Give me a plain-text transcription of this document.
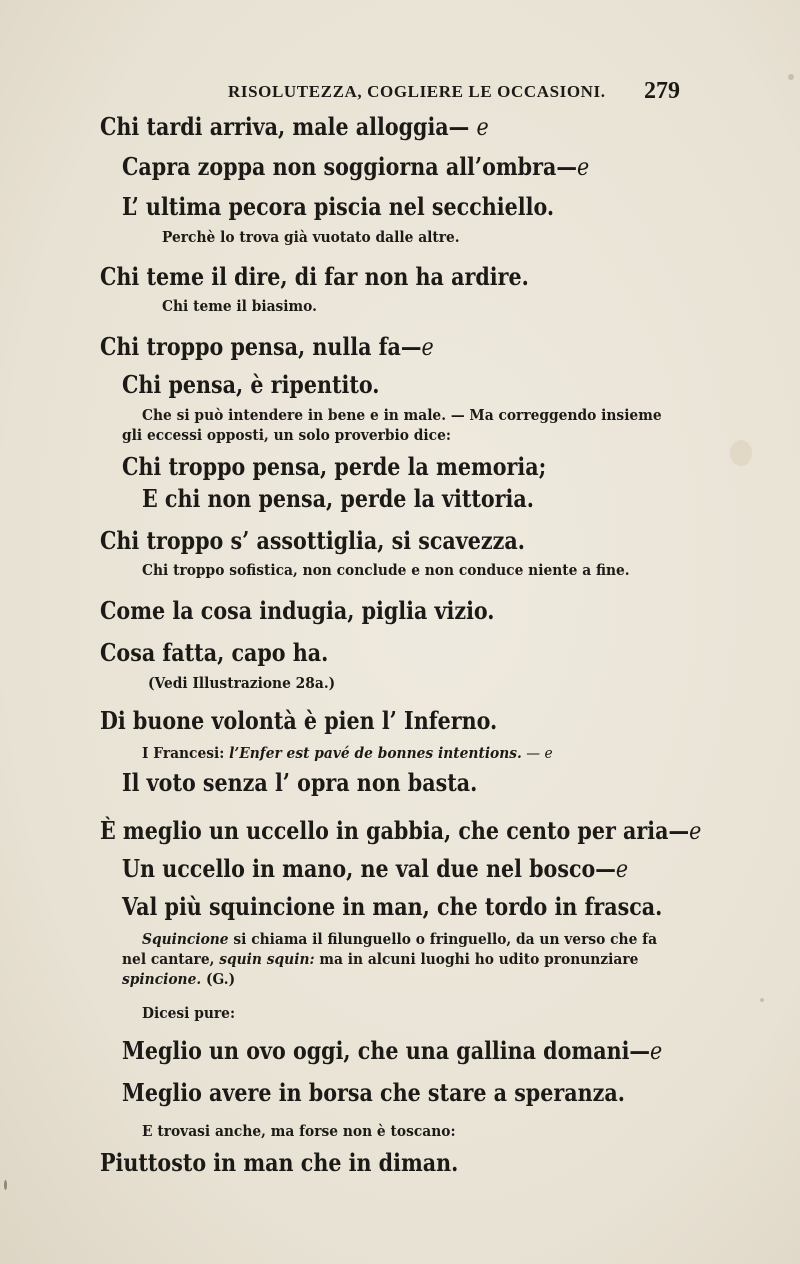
RISOLUTEZZA, COGLIERE LE OCCASIONI. 279
Chi tardi arriva, male alloggia— e
Capra zoppa non soggiorna all’ombra—e
L’ ultima pecora piscia nel secchiello.
Perchè lo trova già vuotato dalle altre.
Chi teme il dire, di far non ha ardire.
Chi teme il biasimo.
Chi troppo pensa, nulla fa—e
Chi pensa, è ripentito.
Che si può intendere in bene e in male. — Ma correggendo insieme
gli eccessi opposti, un solo proverbio dice:
Chi troppo pensa, perde la memoria;
E chi non pensa, perde la vittoria.
Chi troppo s’ assottiglia, si scavezza.
Chi troppo sofistica, non conclude e non conduce niente a fine.
Come la cosa indugia, piglia vizio.
Cosa fatta, capo ha.
(Vedi Illustrazione 28a.)
Di buone volontà è pien l’ Inferno.
I Francesi: l’Enfer est pavé de bonnes intentions. — e
Il voto senza l’ opra non basta.
È meglio un uccello in gabbia, che cento per aria—e
Un uccello in mano, ne val due nel bosco—e
Val più squincione in man, che tordo in frasca.
Squincione si chiama il filunguello o fringuello, da un verso che fa
nel cantare, squin squin: ma in alcuni luoghi ho udito pronunziare
spincione. (G.)
Dicesi pure:
Meglio un ovo oggi, che una gallina domani—e
Meglio avere in borsa che stare a speranza.
E trovasi anche, ma forse non è toscano:
Piuttosto in man che in diman.
